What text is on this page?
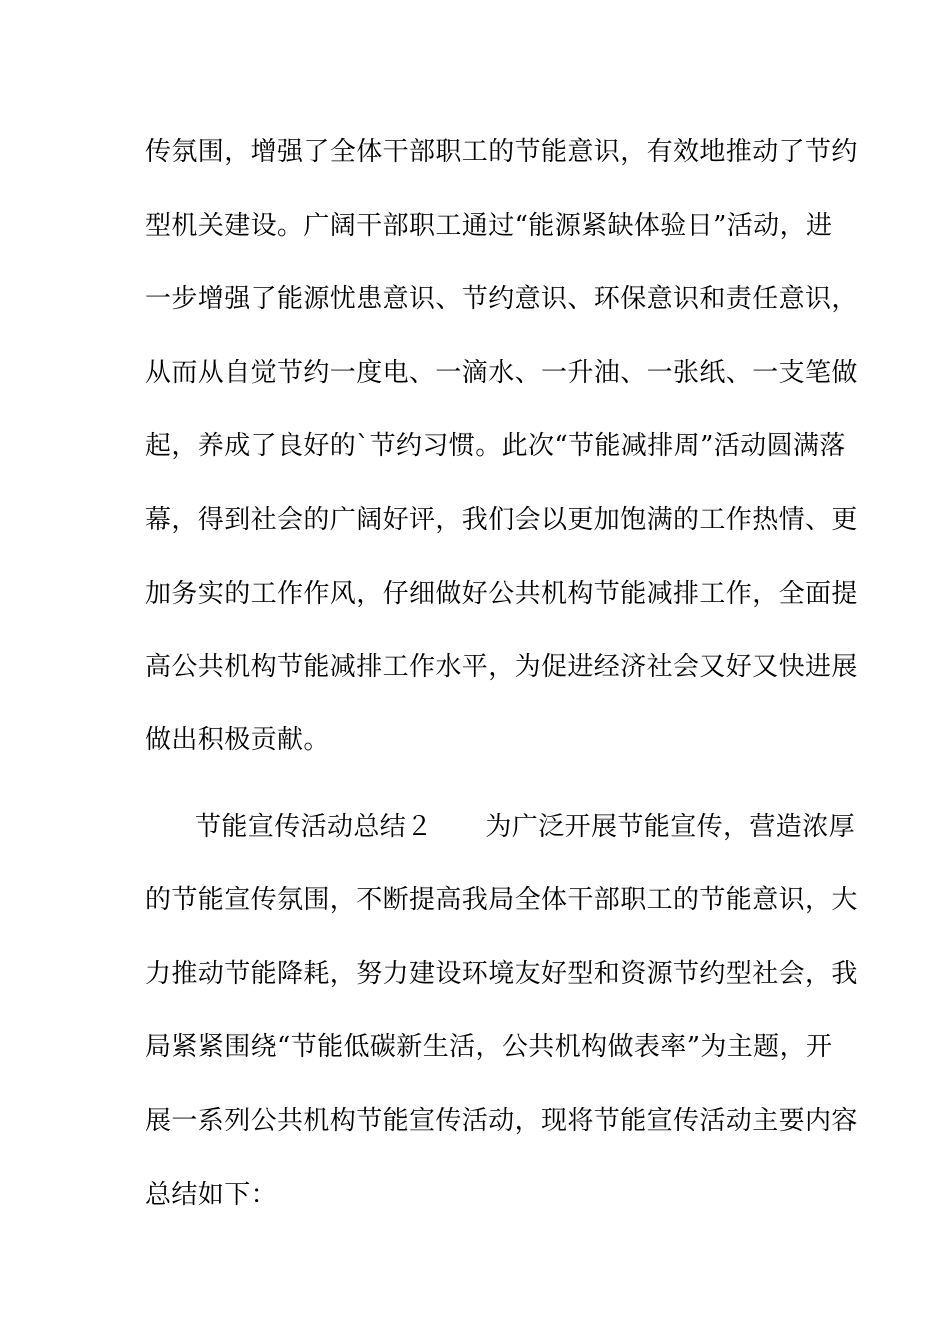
传氛围，增强了全体干部职工的节能意识，有效地推动了节约
型机关建设。广阔干部职工通过“能源紧缺体验日”活动，进
一步增强了能源忧患意识、节约意识、环保意识和责任意识，
从而从自觉节约一度电、一滴水、一升油、一张纸、一支笔做
起，养成了良好的`节约习惯。此次“节能减排周”活动圆满落
幕，得到社会的广阔好评，我们会以更加饱满的工作热情、更
加务实的工作作风，仔细做好公共机构节能减排工作，全面提
高公共机构节能减排工作水平，为促进经济社会又好又快进展
做出积极贡献。
节能宣传活动总结２　　为广泛开展节能宣传，营造浓厚
的节能宣传氛围，不断提高我局全体干部职工的节能意识，大
力推动节能降耗，努力建设环境友好型和资源节约型社会，我
局紧紧围绕“节能低碳新生活，公共机构做表率”为主题，开
展一系列公共机构节能宣传活动，现将节能宣传活动主要内容
总结如下：
